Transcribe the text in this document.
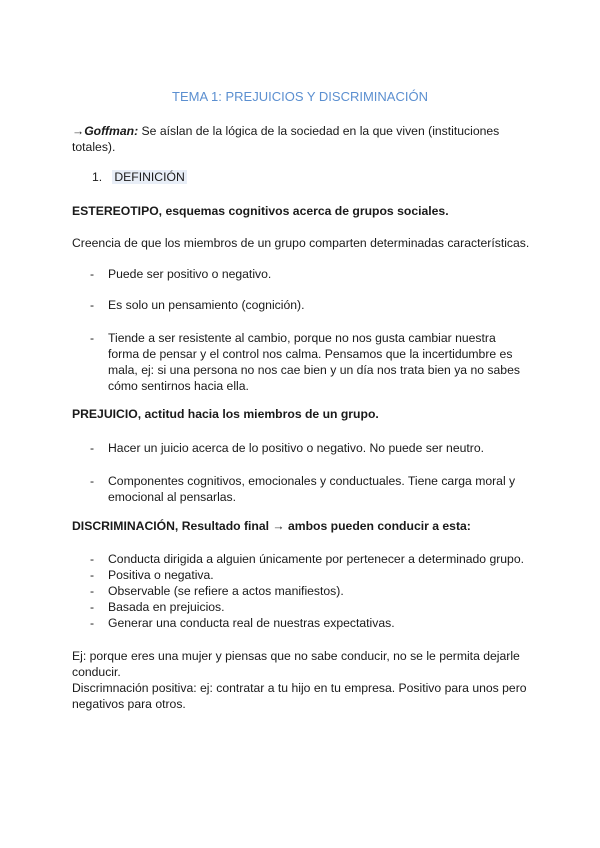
TEMA 1: PREJUICIOS Y DISCRIMINACIÓN

→Goffman: Se aíslan de la lógica de la sociedad en la que viven (instituciones
totales).
1. DEFINICIÓN

ESTEREOTIPO, esquemas cognitivos acerca de grupos sociales.

Creencia de que los miembros de un grupo comparten determinadas características.

- Puede ser positivo o negativo.
- Es solo un pensamiento (cognición).
- Tiende a ser resistente al cambio, porque no nos gusta cambiar nuestra
forma de pensar y el control nos calma. Pensamos que la incertidumbre es
mala, ej: si una persona no nos cae bien y un día nos trata bien ya no sabes
cómo sentirnos hacia ella.

PREJUICIO, actitud hacia los miembros de un grupo.

- Hacer un juicio acerca de lo positivo o negativo. No puede ser neutro.
- Componentes cognitivos, emocionales y conductuales. Tiene carga moral y
emocional al pensarlas.

DISCRIMINACIÓN, Resultado final → ambos pueden conducir a esta:

- Conducta dirigida a alguien únicamente por pertenecer a determinado grupo.
- Positiva o negativa.
- Observable (se refiere a actos manifiestos).
- Basada en prejuicios.
- Generar una conducta real de nuestras expectativas.
Ej: porque eres una mujer y piensas que no sabe conducir, no se le permita dejarle
conducir.
Discrimnación positiva: ej: contratar a tu hijo en tu empresa. Positivo para unos pero
negativos para otros.
